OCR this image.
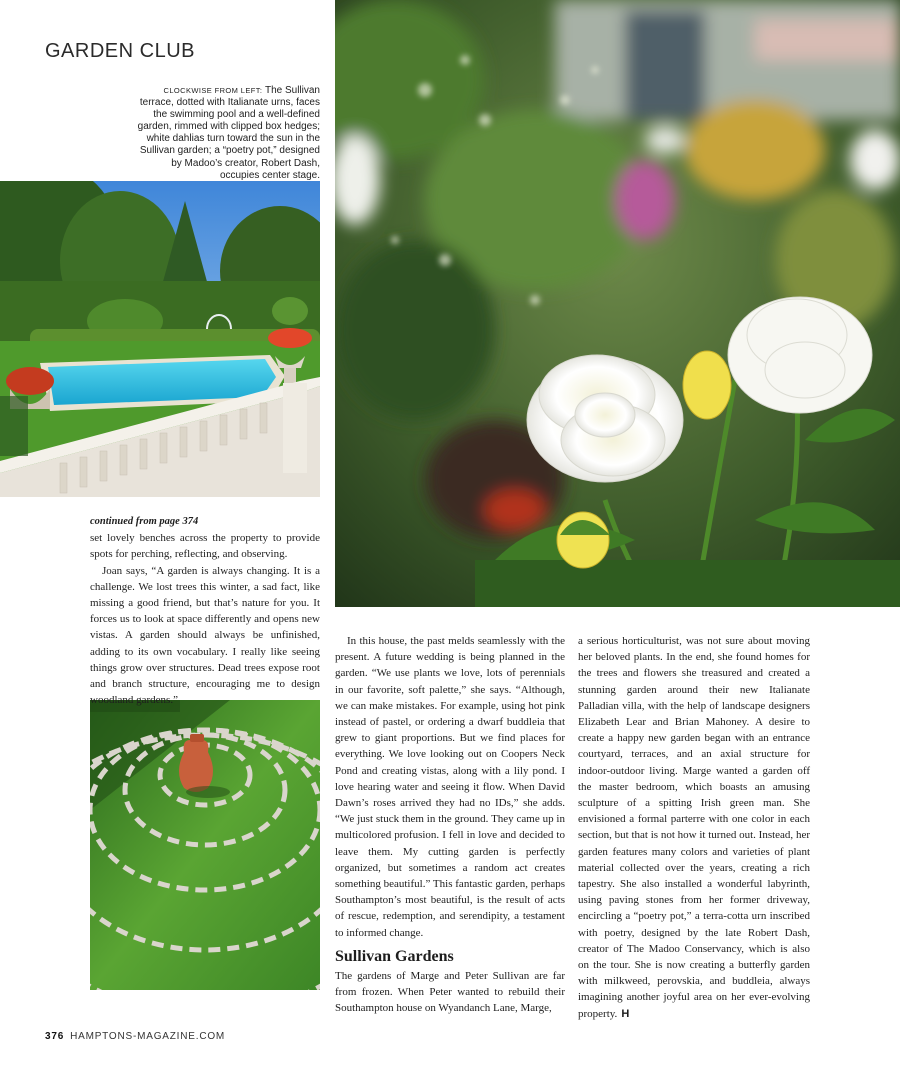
GARDEN CLUB
CLOCKWISE FROM LEFT: The Sullivan terrace, dotted with Italianate urns, faces the swimming pool and a well-defined garden, rimmed with clipped box hedges; white dahlias turn toward the sun in the Sullivan garden; a “poetry pot,” designed by Madoo’s creator, Robert Dash, occupies center stage.
continued from page 374

set lovely benches across the property to provide spots for perching, reflecting, and observing.

Joan says, “A garden is always changing. It is a challenge. We lost trees this winter, a sad fact, like missing a good friend, but that’s nature for you. It forces us to look at space differently and opens new vistas. A garden should always be unfinished, adding to its own vocabulary. I really like seeing things grow over structures. Dead trees expose root and branch structure, encouraging me to design woodland gardens.”

In this house, the past melds seamlessly with the present. A future wedding is being planned in the garden. “We use plants we love, lots of perennials in our favorite, soft palette,” she says. “Although, we can make mistakes. For example, using hot pink instead of pastel, or ordering a dwarf buddleia that grew to giant proportions. But we find places for everything. We love looking out on Coopers Neck Pond and creating vistas, along with a lily pond. I love hearing water and seeing it flow. When David Dawn’s roses arrived they had no IDs,” she adds. “We just stuck them in the ground. They came up in multicolored profusion. I fell in love and decided to leave them. My cutting garden is perfectly organized, but sometimes a random act creates something beautiful.” This fantastic garden, perhaps Southampton’s most beautiful, is the result of acts of rescue, redemption, and serendipity, a testament to informed change.

Sullivan Gardens

The gardens of Marge and Peter Sullivan are far from frozen. When Peter wanted to rebuild their Southampton house on Wyandanch Lane, Marge,

a serious horticulturist, was not sure about moving her beloved plants. In the end, she found homes for the trees and flowers she treasured and created a stunning garden around their new Italianate Palladian villa, with the help of landscape designers Elizabeth Lear and Brian Mahoney. A desire to create a happy new garden began with an entrance courtyard, terraces, and an axial structure for indoor-outdoor living. Marge wanted a garden off the master bedroom, which boasts an amusing sculpture of a spitting Irish green man. She envisioned a formal parterre with one color in each section, but that is not how it turned out. Instead, her garden features many colors and varieties of plant material collected over the years, creating a rich tapestry. She also installed a wonderful labyrinth, using paving stones from her former driveway, encircling a “poetry pot,” a terra-cotta urn inscribed with poetry, designed by the late Robert Dash, creator of The Madoo Conservancy, which is also on the tour. She is now creating a butterfly garden with milkweed, perovskia, and buddleia, always imagining another joyful area on her ever-evolving property. H

376 HAMPTONS-MAGAZINE.COM
